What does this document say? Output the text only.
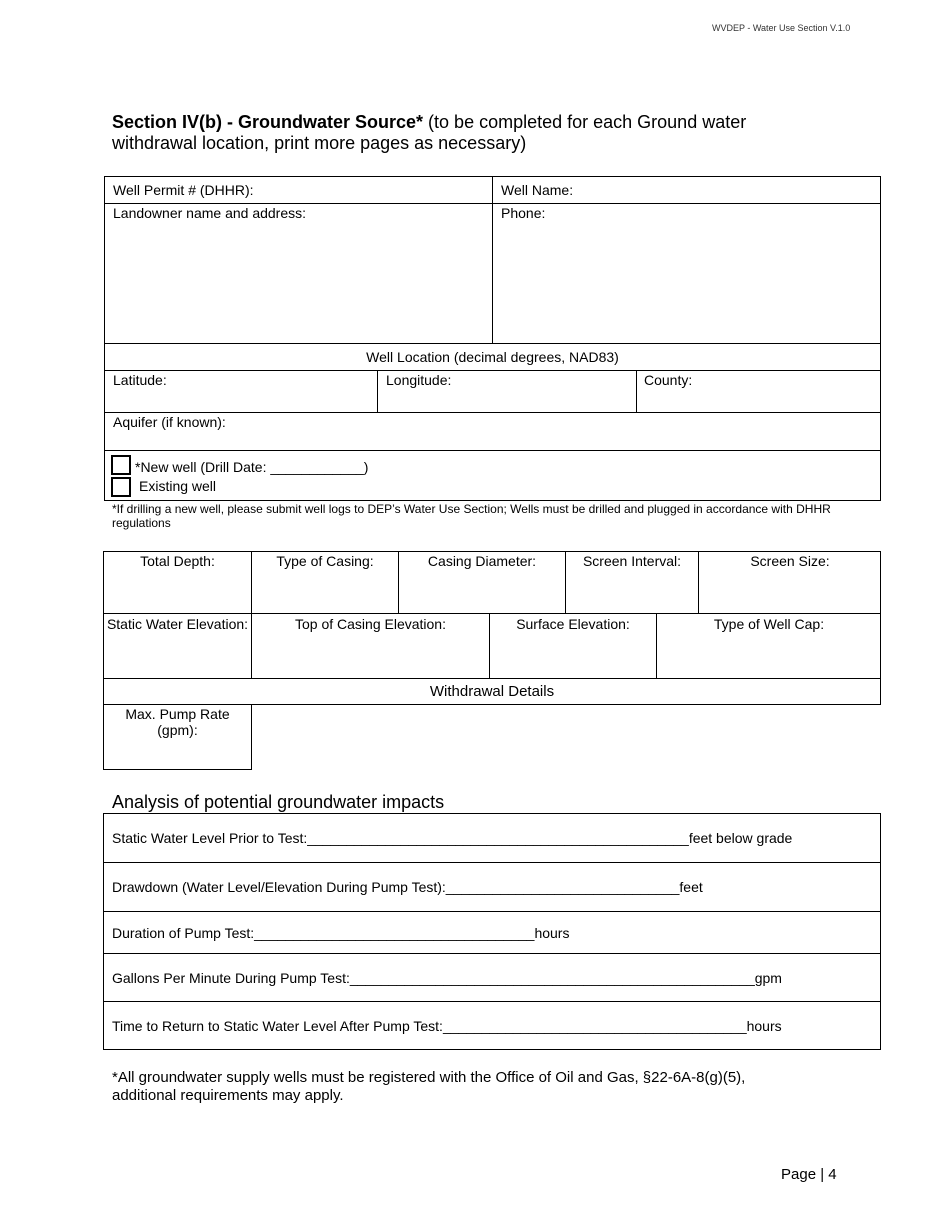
WVDEP - Water Use Section V.1.0
Section IV(b) - Groundwater Source* (to be completed for each Ground water withdrawal location, print more pages as necessary)
Well Permit # (DHHR):	Well Name:
Landowner name and address:	Phone:
Well Location (decimal degrees, NAD83)
Latitude:	Longitude:	County:
Aquifer (if known):
*New well (Drill Date: ____________)
Existing well
*If drilling a new well, please submit well logs to DEP’s Water Use Section; Wells must be drilled and plugged in accordance with DHHR regulations
Total Depth:	Type of Casing:	Casing Diameter:	Screen Interval:	Screen Size:
Static Water Elevation:	Top of Casing Elevation:	Surface Elevation:	Type of Well Cap:
Withdrawal Details
Max. Pump Rate (gpm):
Analysis of potential groundwater impacts
Static Water Level Prior to Test:_________________________________________________feet below grade
Drawdown (Water Level/Elevation During Pump Test):______________________________feet
Duration of Pump Test:____________________________________hours
Gallons Per Minute During Pump Test:____________________________________________________gpm
Time to Return to Static Water Level After Pump Test:_______________________________________hours
*All groundwater supply wells must be registered with the Office of Oil and Gas, §22-6A-8(g)(5), additional requirements may apply.
Page | 4
